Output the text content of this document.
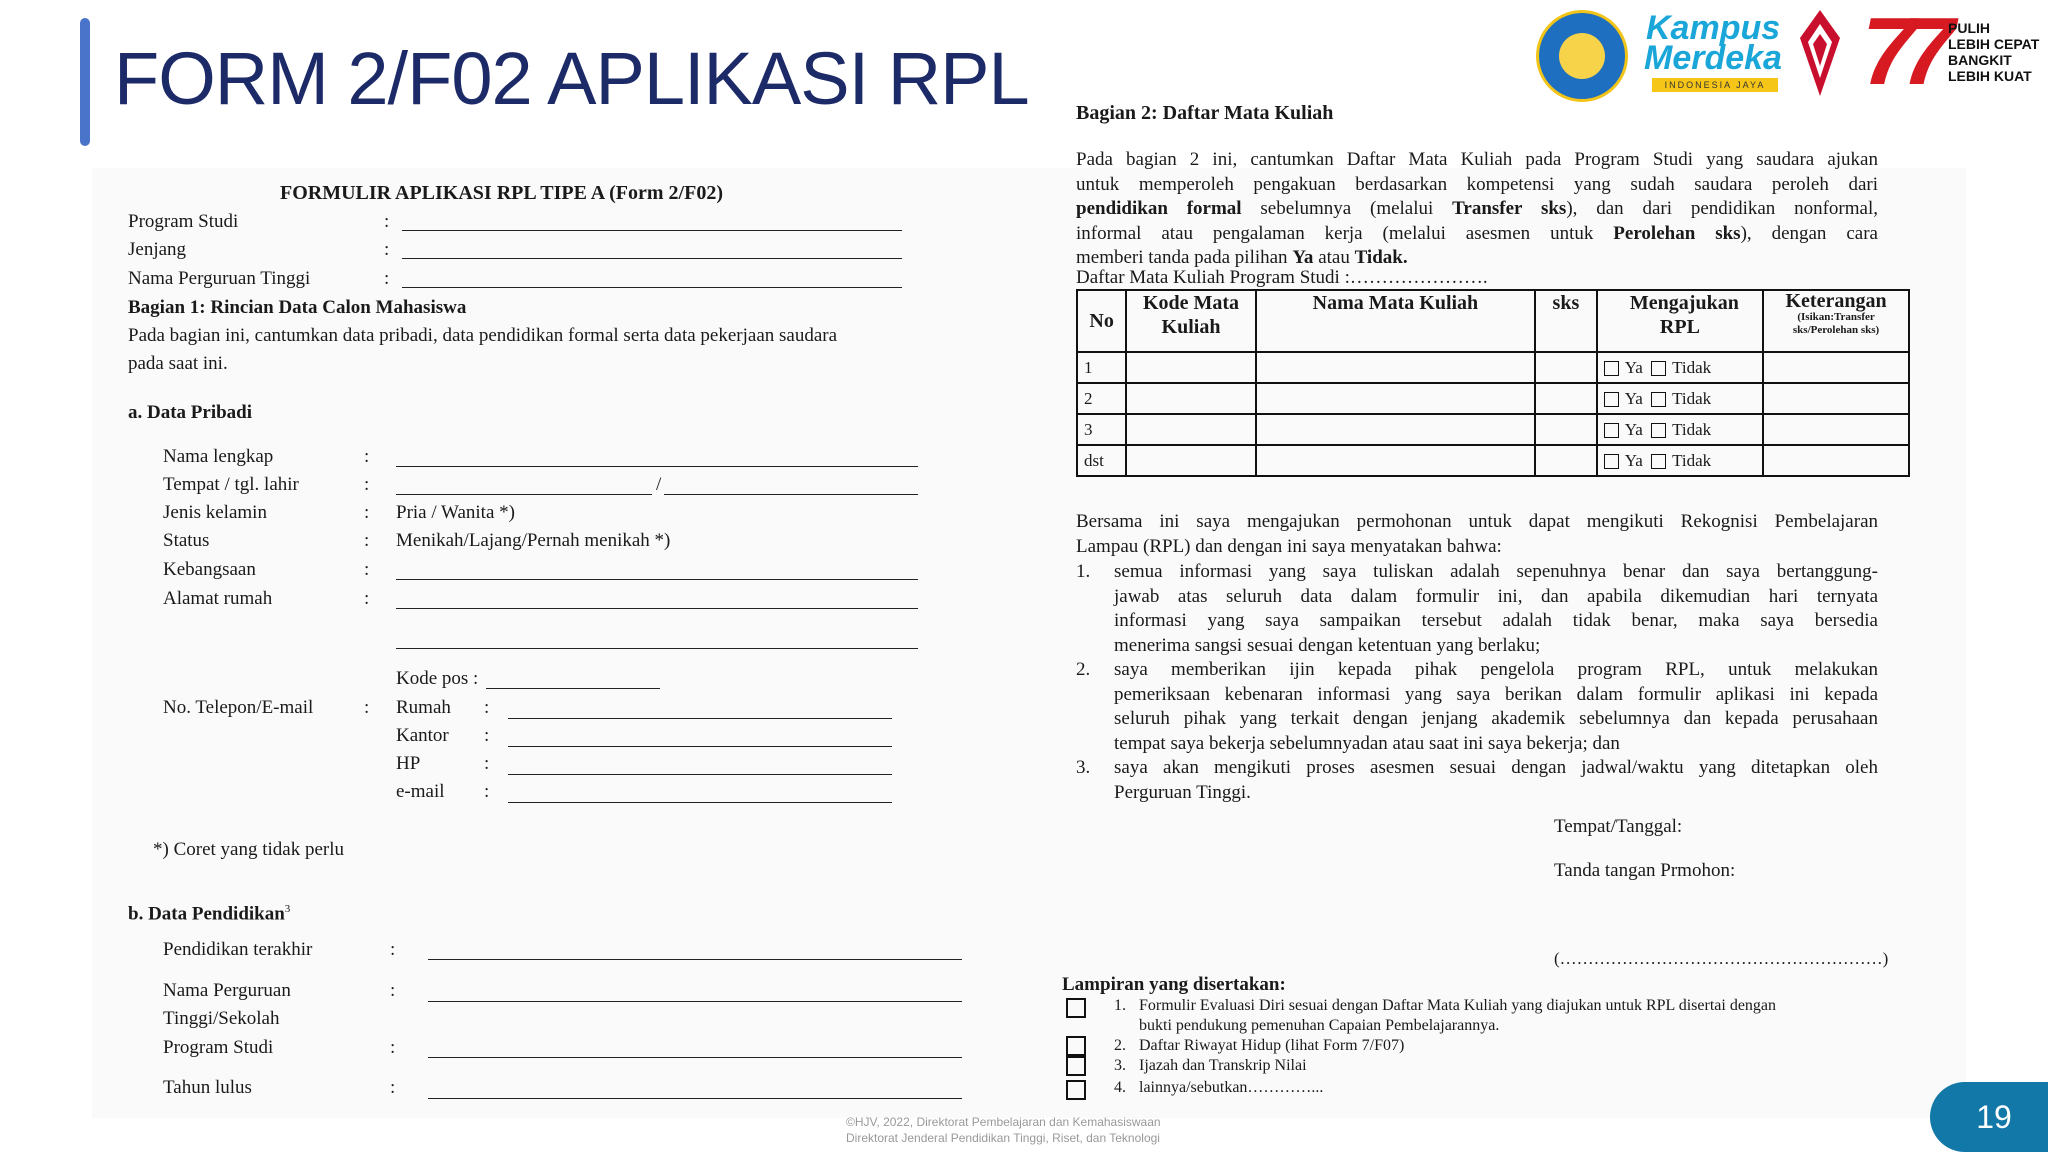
FORM 2/F02 APLIKASI RPL
Kampus
Merdeka
INDONESIA JAYA 77 PULIH
LEBIH CEPAT
BANGKIT
LEBIH KUAT
FORMULIR APLIKASI RPL TIPE A (Form 2/F02)
Program Studi	:
Jenjang	:
Nama Perguruan Tinggi	:
Bagian 1: Rincian Data Calon Mahasiswa
Pada bagian ini, cantumkan data pribadi, data pendidikan formal serta data pekerjaan saudara
pada saat ini.
a. Data Pribadi
Nama lengkap	:
Tempat / tgl. lahir	:	/
Jenis kelamin	: Pria / Wanita *)
Status	: Menikah/Lajang/Pernah menikah *)
Kebangsaan	:
Alamat rumah	:
Kode pos :
No. Telepon/E-mail	: Rumah :
Kantor :
HP	:
e-mail :
*) Coret yang tidak perlu
b. Data Pendidikan$^3$
Pendidikan terakhir	:
Nama Perguruan	:
Tinggi/Sekolah
Program Studi	:
Tahun lulus	:
Bagian 2: Daftar Mata Kuliah
Pada bagian 2 ini, cantumkan Daftar Mata Kuliah pada Program Studi yang saudara ajukan
untuk memperoleh pengakuan berdasarkan kompetensi yang sudah saudara peroleh dari
pendidikan formal sebelumnya (melalui Transfer sks), dan dari pendidikan nonformal,
informal atau pengalaman kerja (melalui asesmen untuk Perolehan sks), dengan cara
memberi tanda pada pilihan Ya atau Tidak.
Daftar Mata Kuliah Program Studi :………………….
No	Kode Mata Kuliah	Nama Mata Kuliah	sks	Mengajukan RPL	Keterangan
(Isikan:Transfer sks/Perolehan sks)

1				Ya Tidak	
2				Ya Tidak	
3				Ya Tidak	
dst				Ya Tidak	
Bersama ini saya mengajukan permohonan untuk dapat mengikuti Rekognisi Pembelajaran
Lampau (RPL) dan dengan ini saya menyatakan bahwa:
1. semua informasi yang saya tuliskan adalah sepenuhnya benar dan saya bertanggung-
jawab atas seluruh data dalam formulir ini, dan apabila dikemudian hari ternyata
informasi yang saya sampaikan tersebut adalah tidak benar, maka saya bersedia
menerima sangsi sesuai dengan ketentuan yang berlaku;
2. saya memberikan ijin kepada pihak pengelola program RPL, untuk melakukan
pemeriksaan kebenaran informasi yang saya berikan dalam formulir aplikasi ini kepada
seluruh pihak yang terkait dengan jenjang akademik sebelumnya dan kepada perusahaan
tempat saya bekerja sebelumnyadan atau saat ini saya bekerja; dan
3. saya akan mengikuti proses asesmen sesuai dengan jadwal/waktu yang ditetapkan oleh
Perguruan Tinggi.
Tempat/Tanggal:
Tanda tangan Prmohon:
(…………………………………………………)
Lampiran yang disertakan:
1. Formulir Evaluasi Diri sesuai dengan Daftar Mata Kuliah yang diajukan untuk RPL disertai dengan
bukti pendukung pemenuhan Capaian Pembelajarannya.
2. Daftar Riwayat Hidup (lihat Form 7/F07)
3. Ijazah dan Transkrip Nilai
4. lainnya/sebutkan…………...
©HJV, 2022, Direktorat Pembelajaran dan Kemahasiswaan
Direktorat Jenderal Pendidikan Tinggi, Riset, dan Teknologi
19
